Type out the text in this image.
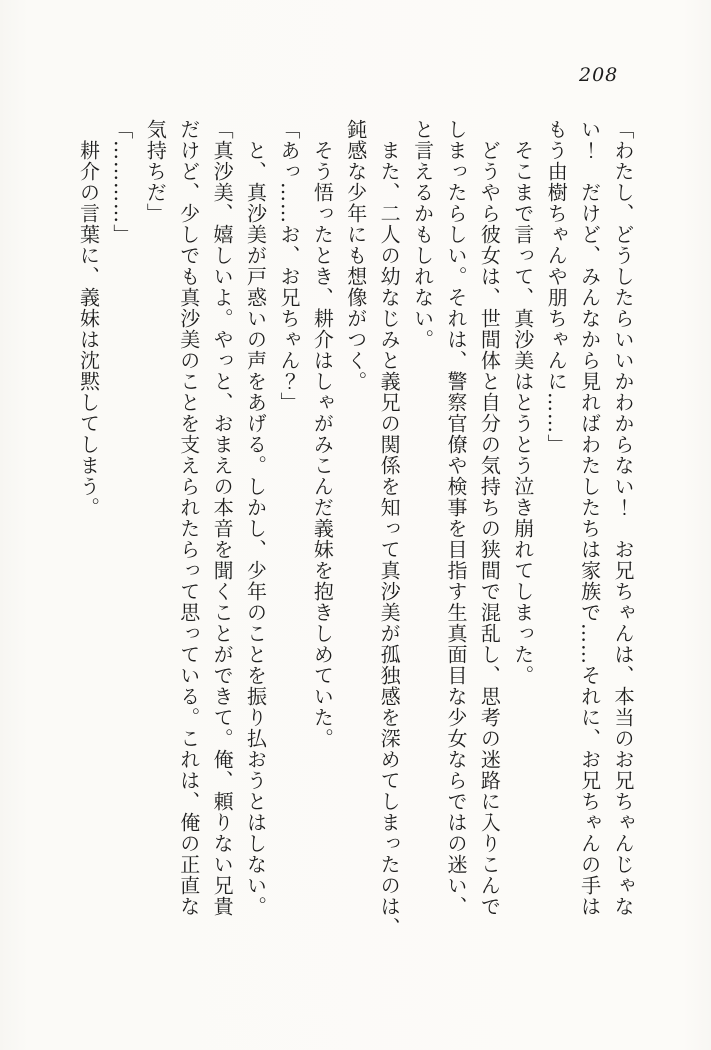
208

「わたし、どうしたらいいかわからない！　お兄ちゃんは、本当のお兄ちゃんじゃな

い！　だけど、みんなから見ればわたしたちは家族で……それに、お兄ちゃんの手は

もう由樹ちゃんや朋ちゃんに……」

　そこまで言って、真沙美はとうとう泣き崩れてしまった。

　どうやら彼女は、世間体と自分の気持ちの狭間で混乱し、思考の迷路に入りこんで

しまったらしい。それは、警察官僚や検事を目指す生真面目な少女ならではの迷い、

と言えるかもしれない。

　また、二人の幼なじみと義兄の関係を知って真沙美が孤独感を深めてしまったのは、

鈍感な少年にも想像がつく。

　そう悟ったとき、耕介はしゃがみこんだ義妹を抱きしめていた。

「あっ……お、お兄ちゃん？」

　と、真沙美が戸惑いの声をあげる。しかし、少年のことを振り払おうとはしない。

「真沙美、嬉しいよ。やっと、おまえの本音を聞くことができて。俺、頼りない兄貴

だけど、少しでも真沙美のことを支えられたらって思っている。これは、俺の正直な

気持ちだ」

「…………」

　耕介の言葉に、義妹は沈黙してしまう。
